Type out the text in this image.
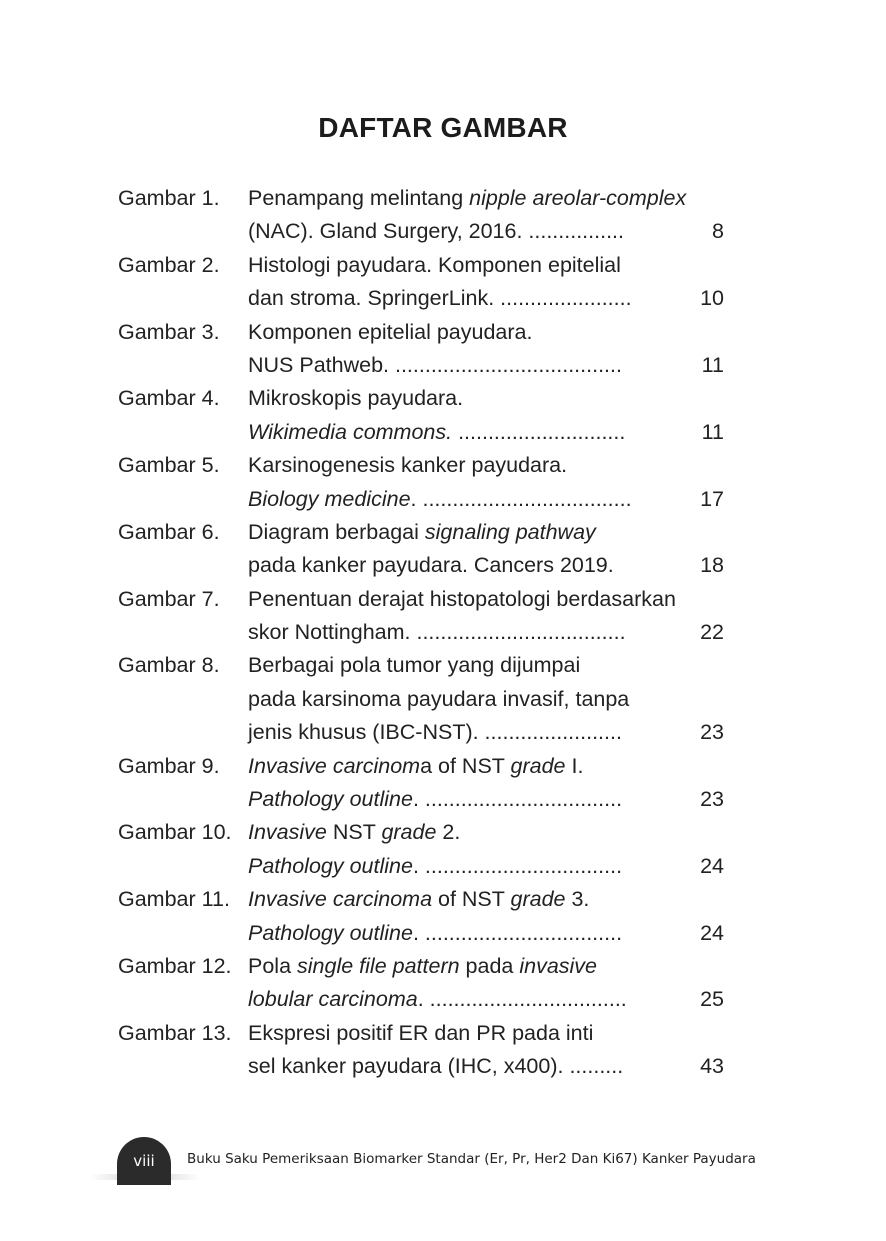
DAFTAR GAMBAR
Gambar 1. Penampang melintang nipple areolar-complex
(NAC). Gland Surgery, 2016. ................	8
Gambar 2. Histologi payudara. Komponen epitelial
dan stroma. SpringerLink. ......................	10
Gambar 3. Komponen epitelial payudara.
NUS Pathweb. ......................................	11
Gambar 4. Mikroskopis payudara.
Wikimedia commons. ............................	11
Gambar 5. Karsinogenesis kanker payudara.
Biology medicine. ...................................	17
Gambar 6. Diagram berbagai signaling pathway
pada kanker payudara. Cancers 2019.	18
Gambar 7. Penentuan derajat histopatologi berdasarkan
skor Nottingham. ...................................	22
Gambar 8. Berbagai pola tumor yang dijumpai
pada karsinoma payudara invasif, tanpa
jenis khusus (IBC-NST). .......................	23
Gambar 9. Invasive carcinoma of NST grade I.
Pathology outline. .................................	23
Gambar 10. Invasive NST grade 2.
Pathology outline. .................................	24
Gambar 11. Invasive carcinoma of NST grade 3.
Pathology outline. .................................	24
Gambar 12. Pola single file pattern pada invasive
lobular carcinoma. .................................	25
Gambar 13. Ekspresi positif ER dan PR pada inti
sel kanker payudara (IHC, x400). .........	43
viii	Buku Saku Pemeriksaan Biomarker Standar (Er, Pr, Her2 Dan Ki67) Kanker Payudara
